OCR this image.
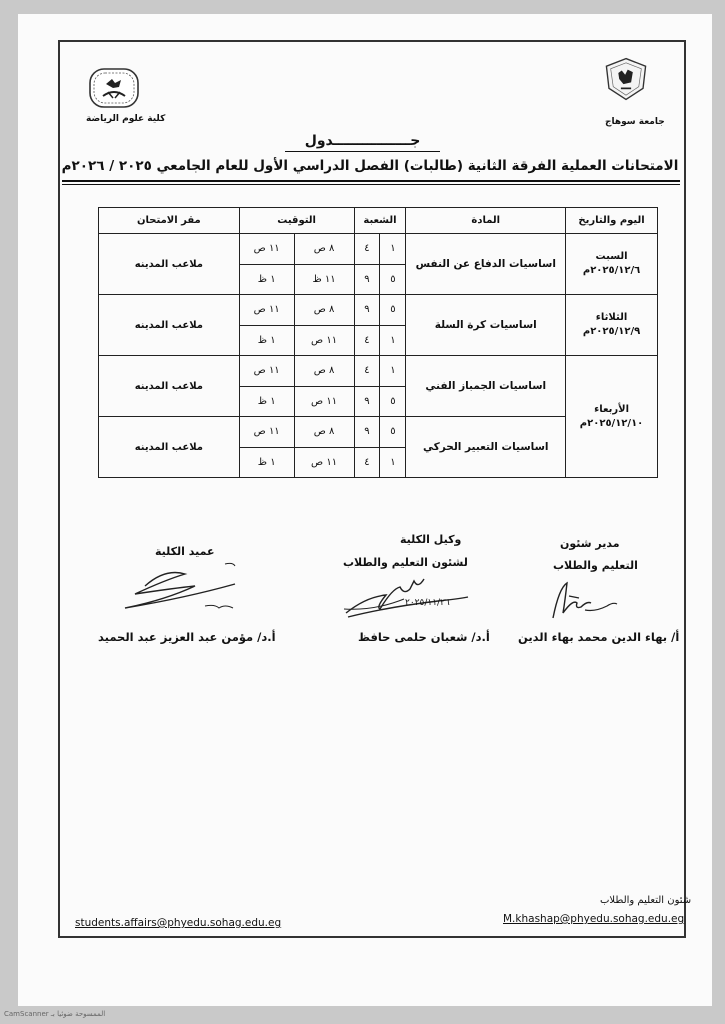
كلية علوم الرياضة	جامعة سوهاج
جــــــــــــــــدول
الامتحانات العملية الفرقة الثانية (طالبات) الفصل الدراسي الأول للعام الجامعي ٢٠٢٥ / ٢٠٢٦م
اليوم والتاريخ	المادة	الشعبة		التوقيت		مقر الامتحان

السبت
٢٠٢٥/١٢/٦م	اساسيات الدفاع عن النفس	١	٤	٨ ص	١١ ص	ملاعب المدينه
		٥	٩	١١ ظ	١ ظ	

الثلاثاء
٢٠٢٥/١٢/٩م	اساسيات كرة السلة	٥	٩	٨ ص	١١ ص	ملاعب المدينه
		١	٤	١١ ص	١ ظ	

الأربعاء
٢٠٢٥/١٢/١٠م	اساسيات الجمباز الفني	١	٤	٨ ص	١١ ص	ملاعب المدينه
		٥	٩	١١ ص	١ ظ	
	اساسيات التعبير الحركي	٥	٩	٨ ص	١١ ص	ملاعب المدينه
		١	٤	١١ ص	١ ظ	
مدير شئون
التعليم والطلاب
أ/ بهاء الدين محمد بهاء الدين
وكيل الكلية
لشئون التعليم والطلاب
٢٠٢٥/١١/٢٦
أ.د/ شعبان حلمى حافظ
عميد الكلية
أ.د/ مؤمن عبد العزيز عبد الحميد
شئون التعليم والطلاب
students.affairs@phyedu.sohag.edu.eg	M.khashap@phyedu.sohag.edu.eg
الممسوحة ضوئيا بـ CamScanner
